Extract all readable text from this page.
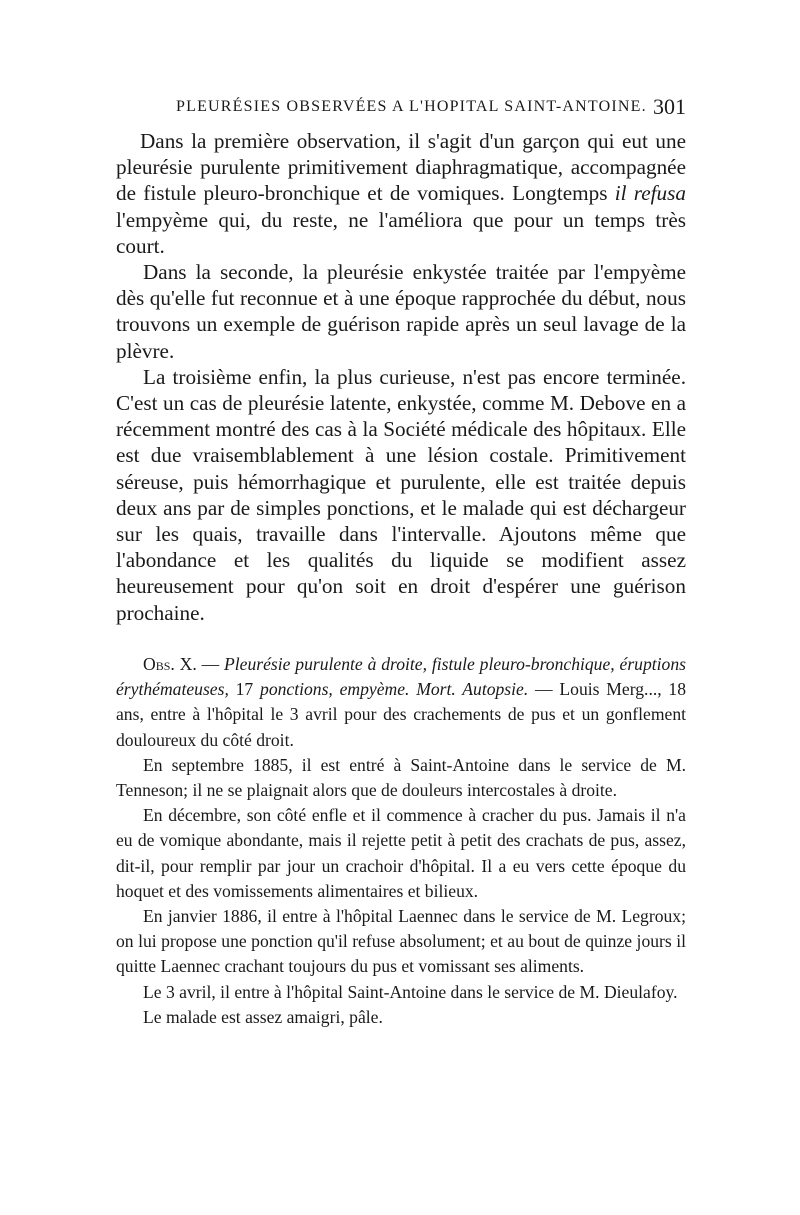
PLEURÉSIES OBSERVÉES A L'HOPITAL SAINT-ANTOINE. 301

Dans la première observation, il s'agit d'un garçon qui eut une pleurésie purulente primitivement diaphragmatique, accompagnée de fistule pleuro-bronchique et de vomiques. Longtemps il refusa l'empyème qui, du reste, ne l'améliora que pour un temps très court.

Dans la seconde, la pleurésie enkystée traitée par l'empyème dès qu'elle fut reconnue et à une époque rapprochée du début, nous trouvons un exemple de guérison rapide après un seul lavage de la plèvre.

La troisième enfin, la plus curieuse, n'est pas encore terminée. C'est un cas de pleurésie latente, enkystée, comme M. Debove en a récemment montré des cas à la Société médicale des hôpitaux. Elle est due vraisemblablement à une lésion costale. Primitivement séreuse, puis hémorrhagique et purulente, elle est traitée depuis deux ans par de simples ponctions, et le malade qui est déchargeur sur les quais, travaille dans l'intervalle. Ajoutons même que l'abondance et les qualités du liquide se modifient assez heureusement pour qu'on soit en droit d'espérer une guérison prochaine.

Obs. X. — Pleurésie purulente à droite, fistule pleuro-bronchique, éruptions érythémateuses, 17 ponctions, empyème. Mort. Autopsie. — Louis Merg..., 18 ans, entre à l'hôpital le 3 avril pour des crachements de pus et un gonflement douloureux du côté droit.

En septembre 1885, il est entré à Saint-Antoine dans le service de M. Tenneson; il ne se plaignait alors que de douleurs intercostales à droite.

En décembre, son côté enfle et il commence à cracher du pus. Jamais il n'a eu de vomique abondante, mais il rejette petit à petit des crachats de pus, assez, dit-il, pour remplir par jour un crachoir d'hôpital. Il a eu vers cette époque du hoquet et des vomissements alimentaires et bilieux.

En janvier 1886, il entre à l'hôpital Laennec dans le service de M. Legroux; on lui propose une ponction qu'il refuse absolument; et au bout de quinze jours il quitte Laennec crachant toujours du pus et vomissant ses aliments.

Le 3 avril, il entre à l'hôpital Saint-Antoine dans le service de M. Dieulafoy.

Le malade est assez amaigri, pâle.
